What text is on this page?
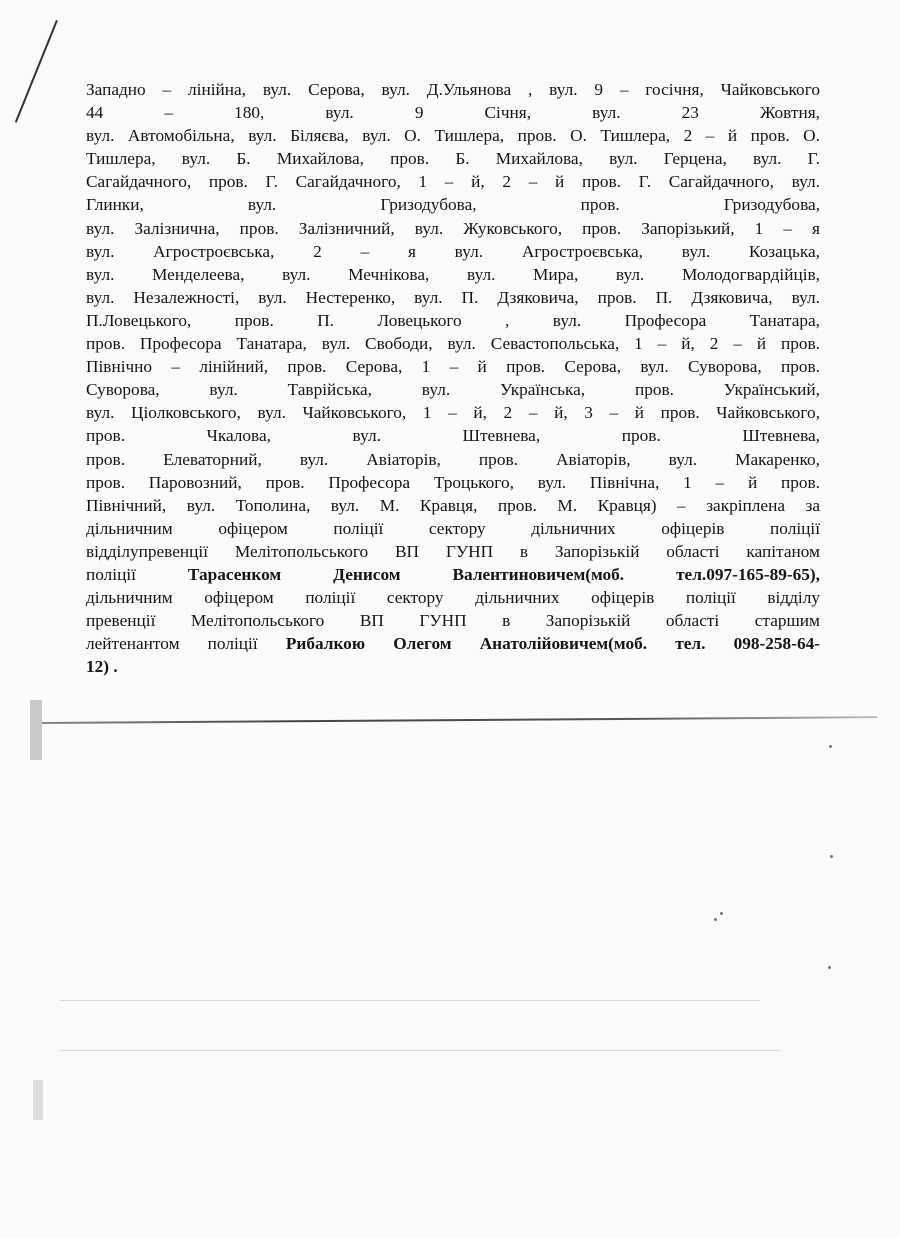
Западно – лінійна, вул. Серова, вул. Д.Ульянова , вул. 9 – госічня, Чайковського
44 – 180, вул. 9 Січня, вул. 23 Жовтня,
вул. Автомобільна, вул. Біляєва, вул. О. Тишлера, пров. О. Тишлера, 2 – й пров. О.
Тишлера, вул. Б. Михайлова, пров. Б. Михайлова, вул. Герцена, вул. Г.
Сагайдачного, пров. Г. Сагайдачного, 1 – й, 2 – й пров. Г. Сагайдачного, вул.
Глинки, вул. Гризодубова, пров. Гризодубова,
вул. Залізнична, пров. Залізничний, вул. Жуковського, пров. Запорізький, 1 – я
вул. Агростроєвська, 2 – я вул. Агростроєвська, вул. Козацька,
вул. Менделеева, вул. Мечнікова, вул. Мира, вул. Молодогвардійців,
вул. Незалежності, вул. Нестеренко, вул. П. Дзяковича, пров. П. Дзяковича, вул.
П.Ловецького, пров. П. Ловецького , вул. Професора Танатара,
пров. Професора Танатара, вул. Свободи, вул. Севастопольська, 1 – й, 2 – й пров.
Північно – лінійний, пров. Серова, 1 – й пров. Серова, вул. Суворова, пров.
Суворова, вул. Таврійська, вул. Українська, пров. Український,
вул. Ціолковського, вул. Чайковського, 1 – й, 2 – й, 3 – й пров. Чайковського,
пров. Чкалова, вул. Штевнева, пров. Штевнева,
пров. Елеваторний, вул. Авіаторів, пров. Авіаторів, вул. Макаренко,
пров. Паровозний, пров. Професора Троцького, вул. Північна, 1 – й пров.
Північний, вул. Тополина, вул. М. Кравця, пров. М. Кравця) – закріплена за
дільничним офіцером поліції сектору дільничних офіцерів поліції
відділупревенції Мелітопольського ВП ГУНП в Запорізькій області капітаном
поліції	Тарасенком Денисом Валентиновичем(моб. тел.097-165-89-65),
дільничним офіцером поліції сектору дільничних офіцерів поліції відділу
превенції Мелітопольського ВП ГУНП в Запорізькій області старшим
лейтенантом поліції Рибалкою Олегом Анатолійовичем(моб. тел. 098-258-64-
12) .
